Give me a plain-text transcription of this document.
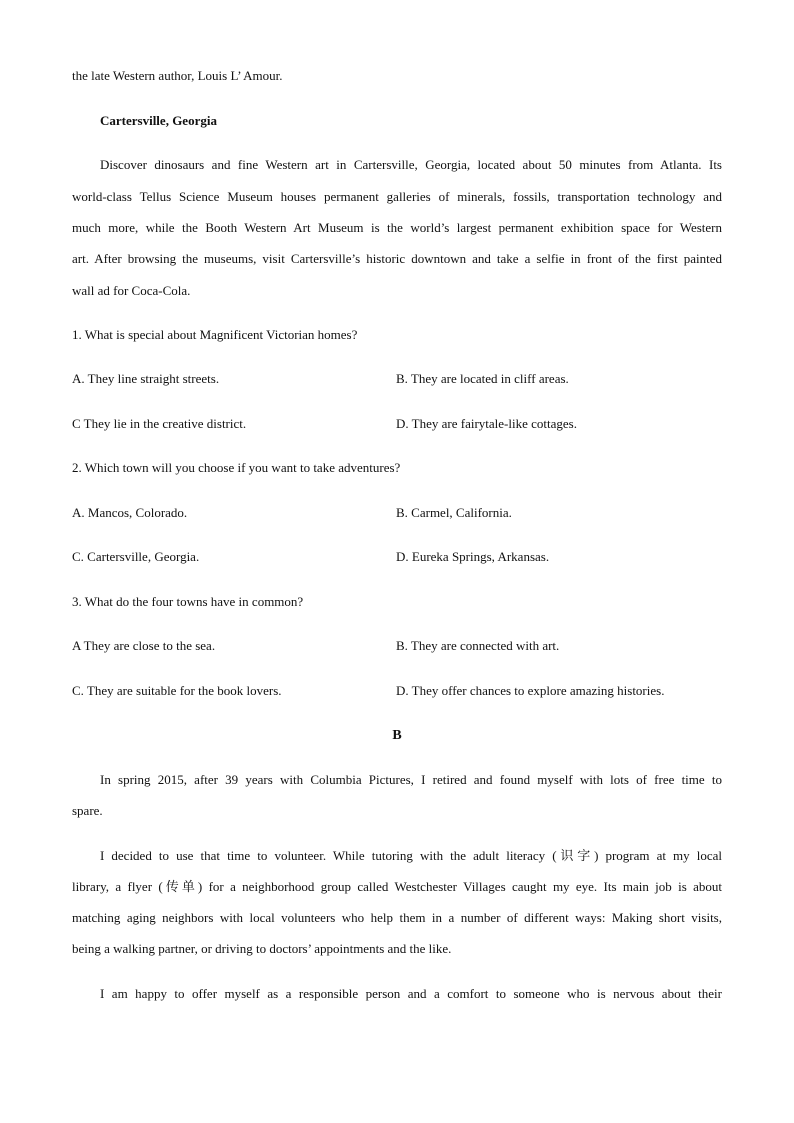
the late Western author, Louis L’ Amour.
Cartersville, Georgia
Discover dinosaurs and fine Western art in Cartersville, Georgia, located about 50 minutes from Atlanta. Its
world-class Tellus Science Museum houses permanent galleries of minerals, fossils, transportation technology and
much more, while the Booth Western Art Museum is the world’s largest permanent exhibition space for Western
art. After browsing the museums, visit Cartersville’s historic downtown and take a selfie in front of the first painted
wall ad for Coca-Cola.
1. What is special about Magnificent Victorian homes?
A. They line straight streets.	B. They are located in cliff areas.
C They lie in the creative district.	D. They are fairytale-like cottages.
2. Which town will you choose if you want to take adventures?
A. Mancos, Colorado.	B. Carmel, California.
C. Cartersville, Georgia.	D. Eureka Springs, Arkansas.
3. What do the four towns have in common?
A They are close to the sea.	B. They are connected with art.
C. They are suitable for the book lovers.	D. They offer chances to explore amazing histories.
B
In spring 2015, after 39 years with Columbia Pictures, I retired and found myself with lots of free time to
spare.
I decided to use that time to volunteer. While tutoring with the adult literacy (识字) program at my local
library, a flyer (传单) for a neighborhood group called Westchester Villages caught my eye. Its main job is about
matching aging neighbors with local volunteers who help them in a number of different ways: Making short visits,
being a walking partner, or driving to doctors’ appointments and the like.
I am happy to offer myself as a responsible person and a comfort to someone who is nervous about their
